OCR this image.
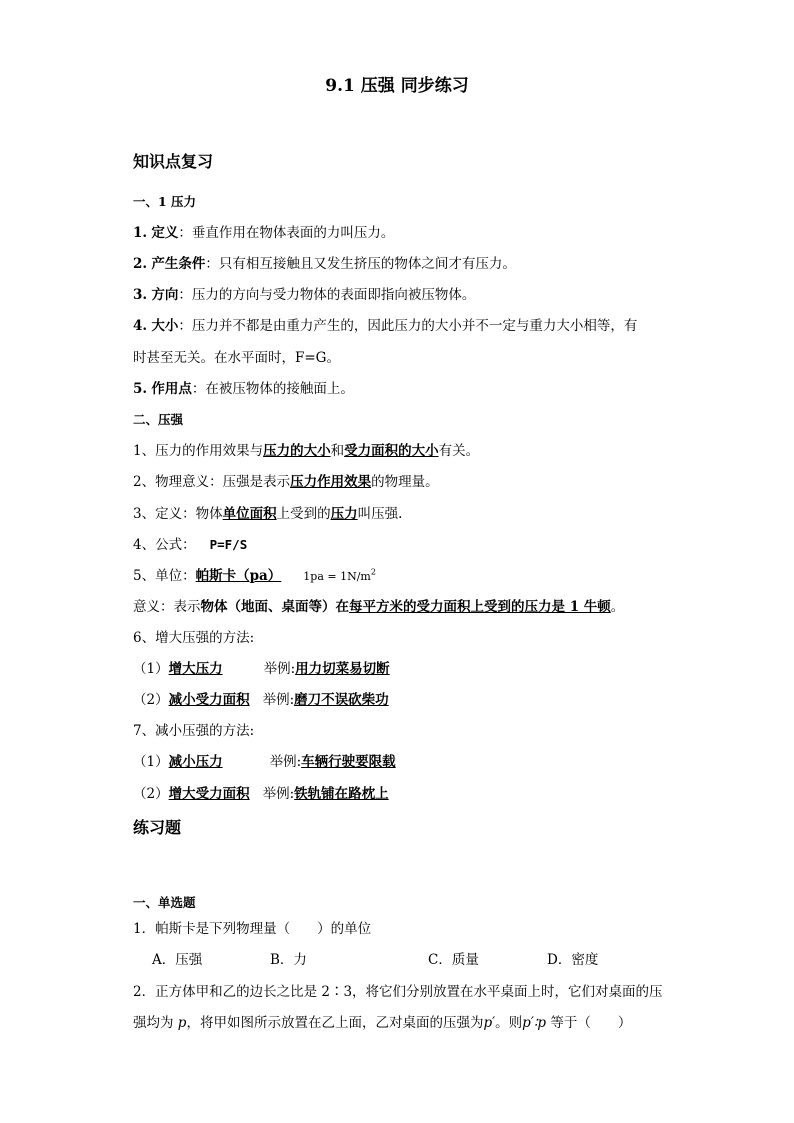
9.1 压强 同步练习
知识点复习
一、1 压力
1. 定义：垂直作用在物体表面的力叫压力。
2. 产生条件：只有相互接触且又发生挤压的物体之间才有压力。
3. 方向：压力的方向与受力物体的表面即指向被压物体。
4. 大小：压力并不都是由重力产生的，因此压力的大小并不一定与重力大小相等，有
时甚至无关。在水平面时，F=G。
5. 作用点：在被压物体的接触面上。
二、压强
1、压力的作用效果与压力的大小和受力面积的大小有关。
2、物理意义：压强是表示压力作用效果的物理量。
3、定义：物体单位面积上受到的压力叫压强.
4、公式： P=F/S
5、单位：帕斯卡（pa） $1pa = 1N/m^2$
意义：表示物体（地面、桌面等）在每平方米的受力面积上受到的压力是 1 牛顿。
6、增大压强的方法:
（1）增大压力	举例:用力切菜易切断
（2）减小受力面积 举例:磨刀不误砍柴功
7、减小压强的方法:
（1）减小压力	举例:车辆行驶要限载
（2）增大受力面积 举例:铁轨铺在路枕上
练习题
一、单选题
1．帕斯卡是下列物理量（　　）的单位
A．压强	B．力	C．质量	D．密度
2．正方体甲和乙的边长之比是 2∶3，将它们分别放置在水平桌面上时，它们对桌面的压
强均为 p，将甲如图所示放置在乙上面，乙对桌面的压强为p′。则p′∶p 等于（　　）
